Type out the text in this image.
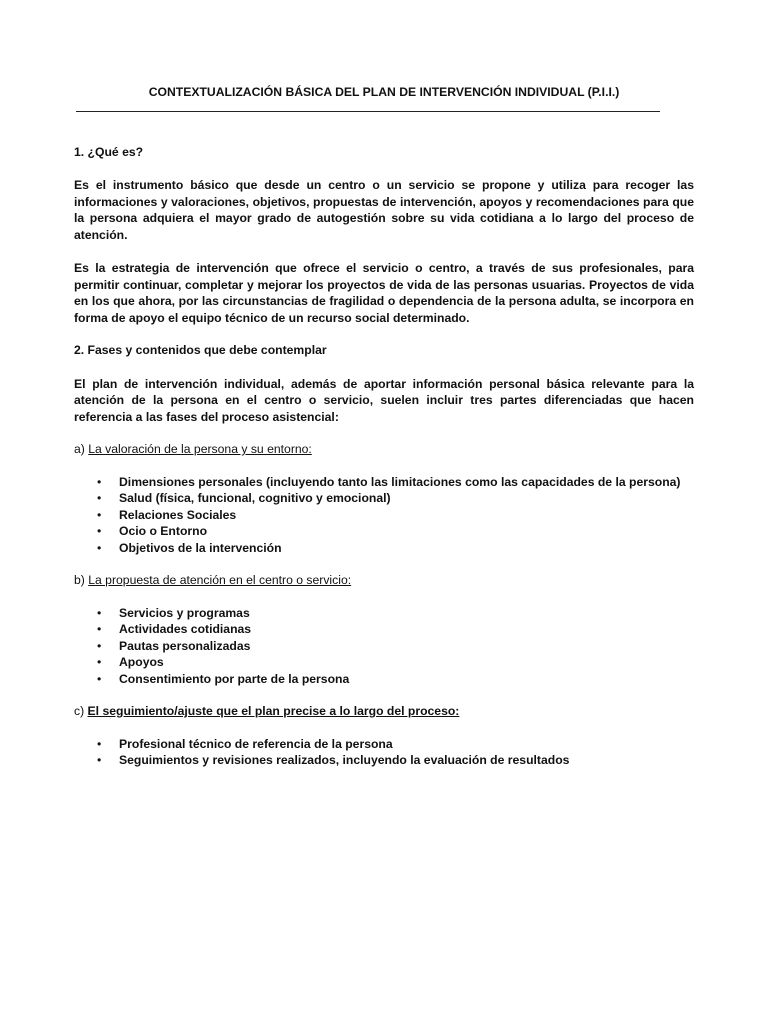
CONTEXTUALIZACIÓN BÁSICA DEL PLAN DE INTERVENCIÓN INDIVIDUAL (P.I.I.)
1. ¿Qué es?

Es el instrumento básico que desde un centro o un servicio se propone y utiliza para recoger las informaciones y valoraciones, objetivos, propuestas de intervención, apoyos y recomendaciones para que la persona adquiera el mayor grado de autogestión sobre su vida cotidiana a lo largo del proceso de atención.

Es la estrategia de intervención que ofrece el servicio o centro, a través de sus profesionales, para permitir continuar, completar y mejorar los proyectos de vida de las personas usuarias. Proyectos de vida en los que ahora, por las circunstancias de fragilidad o dependencia de la persona adulta, se incorpora en forma de apoyo el equipo técnico de un recurso social determinado.

2. Fases y contenidos que debe contemplar

El plan de intervención individual, además de aportar información personal básica relevante para la atención de la persona en el centro o servicio, suelen incluir tres partes diferenciadas que hacen referencia a las fases del proceso asistencial:

a) La valoración de la persona y su entorno:
• Dimensiones personales (incluyendo tanto las limitaciones como las capacidades de la persona)
• Salud (física, funcional, cognitivo y emocional)
• Relaciones Sociales
• Ocio o Entorno
• Objetivos de la intervención
b) La propuesta de atención en el centro o servicio:
• Servicios y programas
• Actividades cotidianas
• Pautas personalizadas
• Apoyos
• Consentimiento por parte de la persona
c) El seguimiento/ajuste que el plan precise a lo largo del proceso:
• Profesional técnico de referencia de la persona
• Seguimientos y revisiones realizados, incluyendo la evaluación de resultados
